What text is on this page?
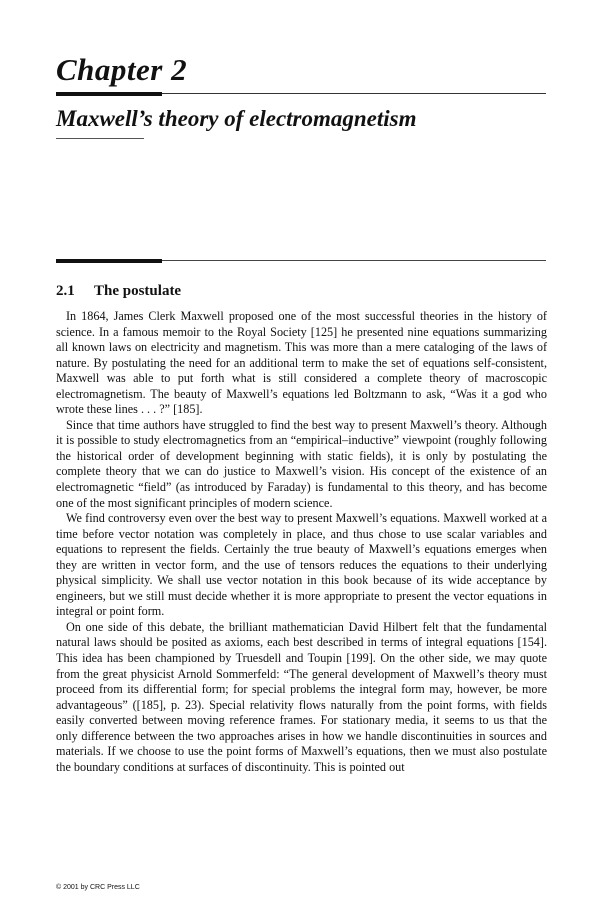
Chapter 2
Maxwell’s theory of electromagnetism
2.1 The postulate

In 1864, James Clerk Maxwell proposed one of the most successful theories in the history of science. In a famous memoir to the Royal Society [125] he presented nine equations summarizing all known laws on electricity and magnetism. This was more than a mere cataloging of the laws of nature. By postulating the need for an additional term to make the set of equations self-consistent, Maxwell was able to put forth what is still considered a complete theory of macroscopic electromagnetism. The beauty of Maxwell’s equations led Boltzmann to ask, “Was it a god who wrote these lines . . . ?” [185].

Since that time authors have struggled to find the best way to present Maxwell’s theory. Although it is possible to study electromagnetics from an “empirical–inductive” viewpoint (roughly following the historical order of development beginning with static fields), it is only by postulating the complete theory that we can do justice to Maxwell’s vision. His concept of the existence of an electromagnetic “field” (as introduced by Faraday) is fundamental to this theory, and has become one of the most significant principles of modern science.

We find controversy even over the best way to present Maxwell’s equations. Maxwell worked at a time before vector notation was completely in place, and thus chose to use scalar variables and equations to represent the fields. Certainly the true beauty of Maxwell’s equations emerges when they are written in vector form, and the use of tensors reduces the equations to their underlying physical simplicity. We shall use vector notation in this book because of its wide acceptance by engineers, but we still must decide whether it is more appropriate to present the vector equations in integral or point form.

On one side of this debate, the brilliant mathematician David Hilbert felt that the fundamental natural laws should be posited as axioms, each best described in terms of integral equations [154]. This idea has been championed by Truesdell and Toupin [199]. On the other side, we may quote from the great physicist Arnold Sommerfeld: “The general development of Maxwell’s theory must proceed from its differential form; for special problems the integral form may, however, be more advantageous” ([185], p. 23). Special relativity flows naturally from the point forms, with fields easily converted between moving reference frames. For stationary media, it seems to us that the only difference between the two approaches arises in how we handle discontinuities in sources and materials. If we choose to use the point forms of Maxwell’s equations, then we must also postulate the boundary conditions at surfaces of discontinuity. This is pointed out

© 2001 by CRC Press LLC
